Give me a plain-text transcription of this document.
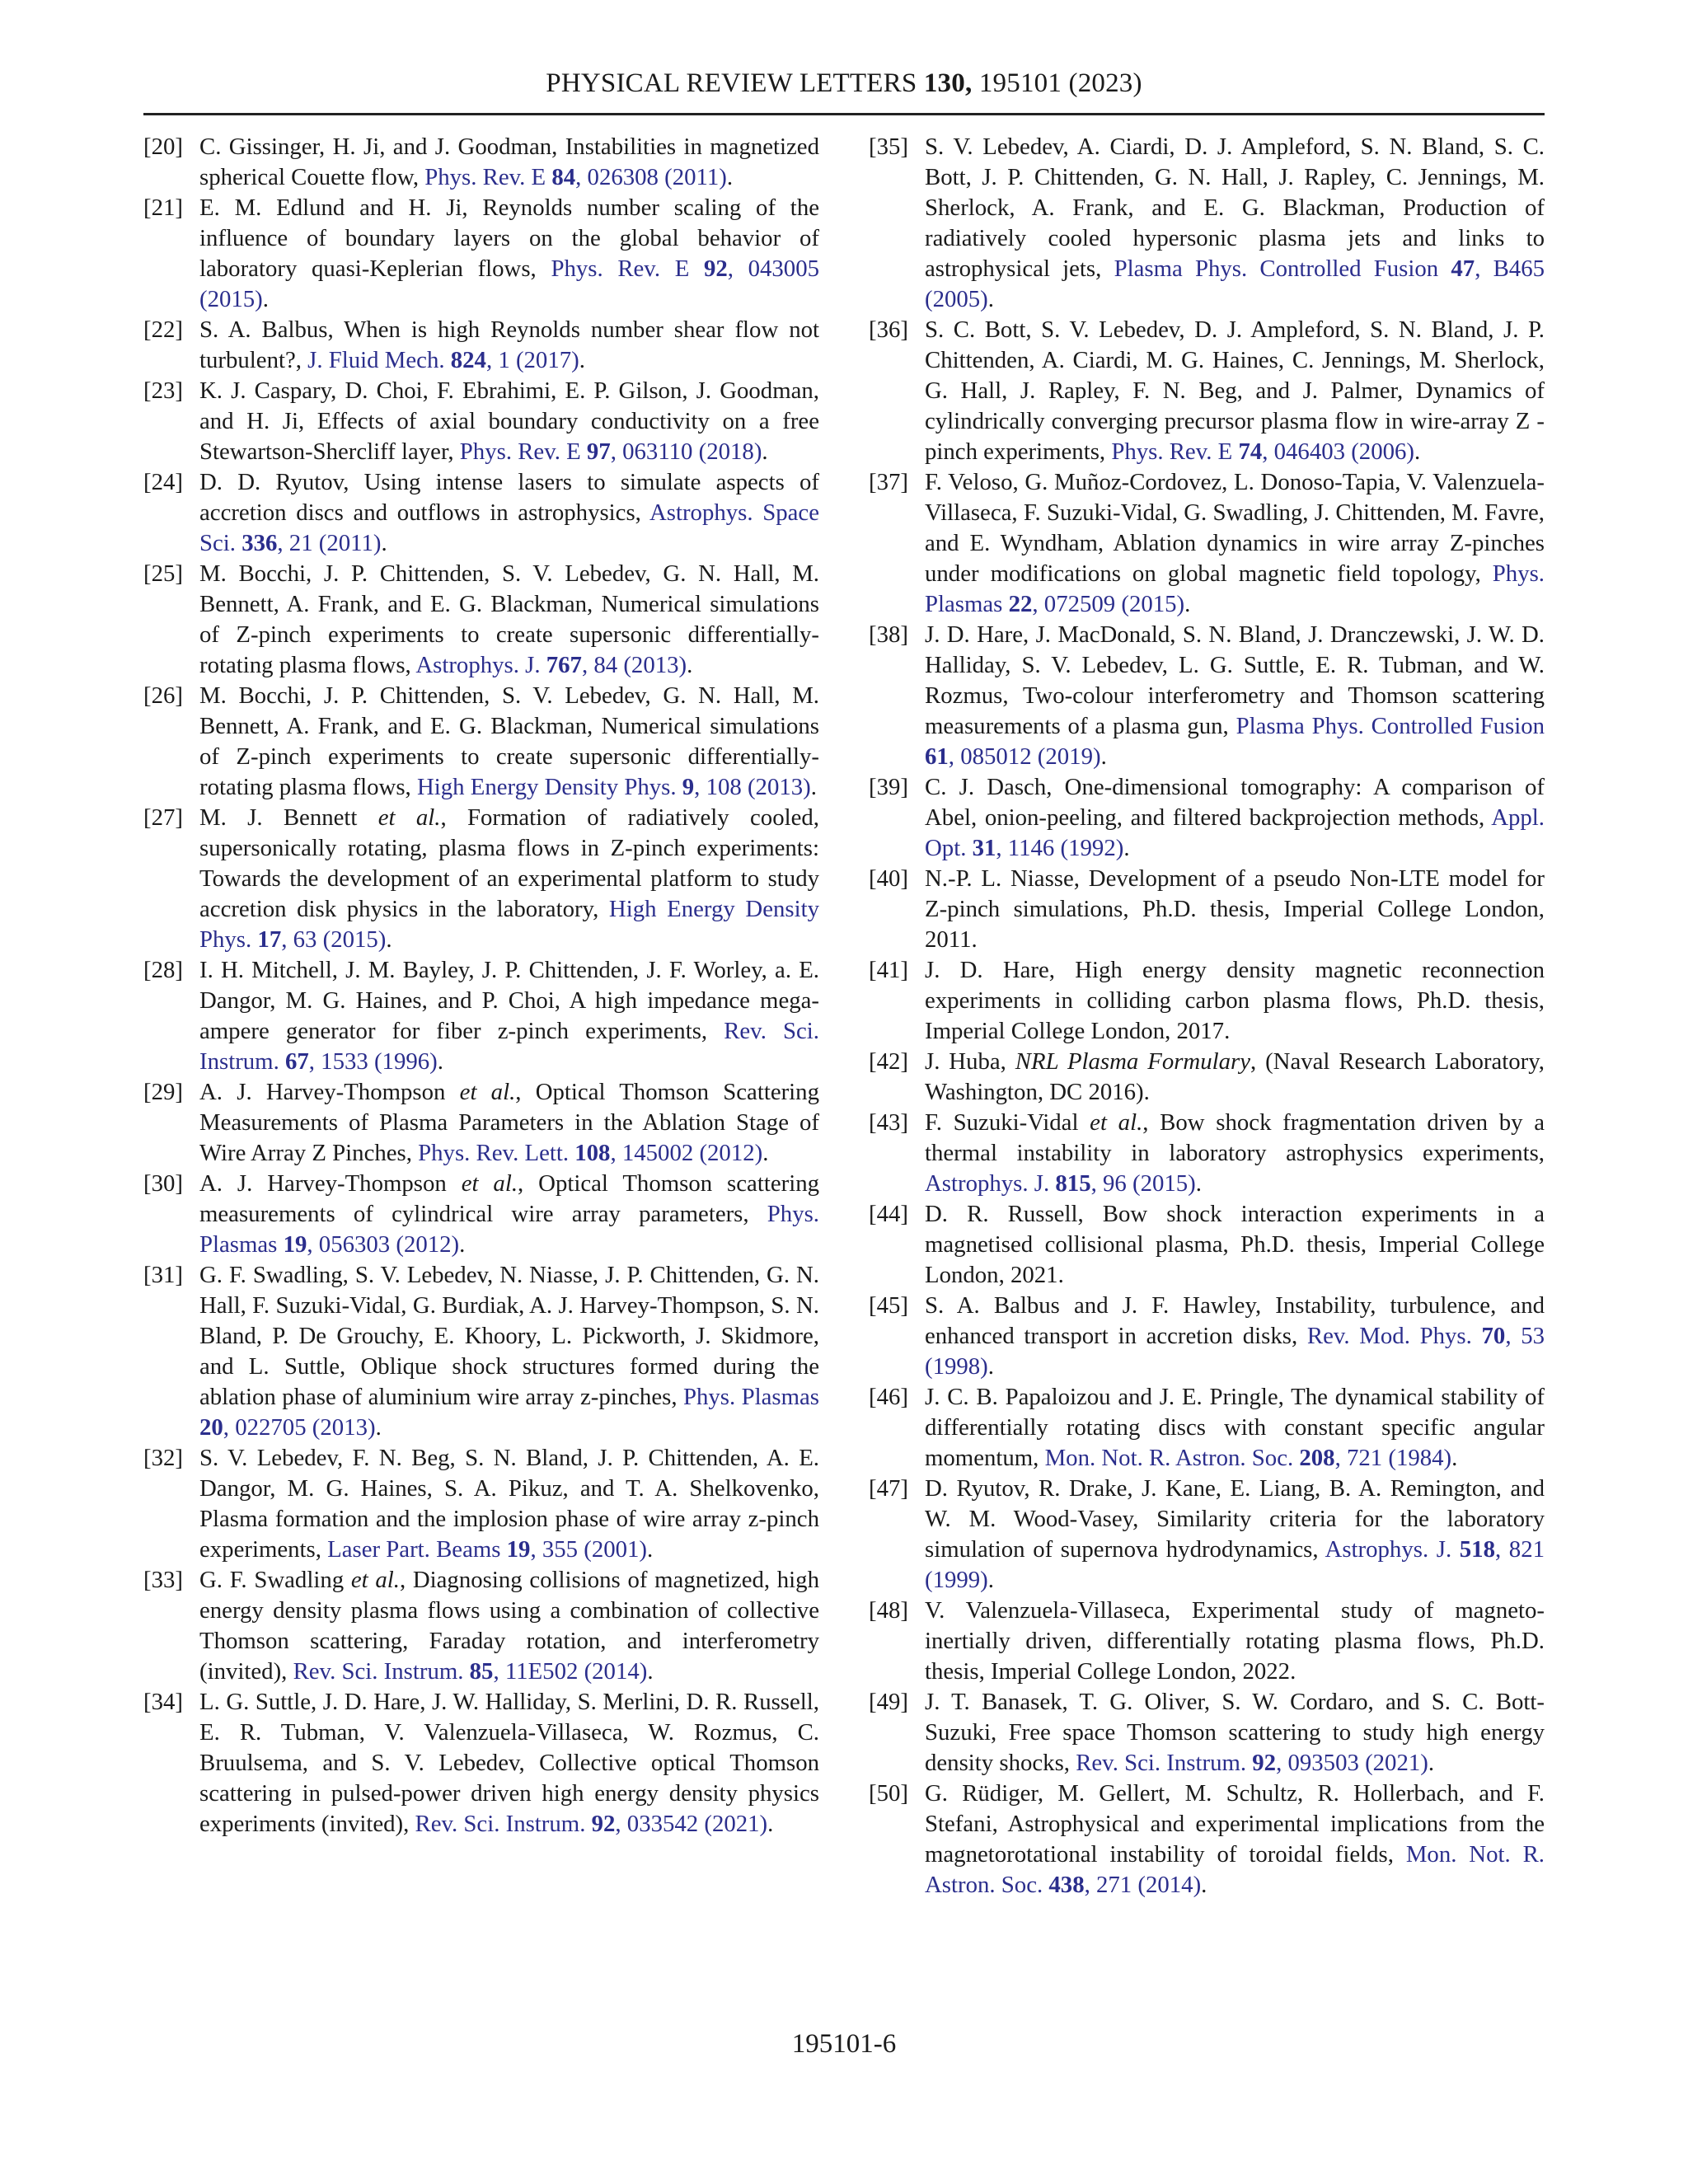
PHYSICAL REVIEW LETTERS 130, 195101 (2023)
[20] C. Gissinger, H. Ji, and J. Goodman, Instabilities in magnetized spherical Couette flow, Phys. Rev. E 84, 026308 (2011).
[21] E. M. Edlund and H. Ji, Reynolds number scaling of the influence of boundary layers on the global behavior of laboratory quasi-Keplerian flows, Phys. Rev. E 92, 043005 (2015).
[22] S. A. Balbus, When is high Reynolds number shear flow not turbulent?, J. Fluid Mech. 824, 1 (2017).
[23] K. J. Caspary, D. Choi, F. Ebrahimi, E. P. Gilson, J. Goodman, and H. Ji, Effects of axial boundary conductivity on a free Stewartson-Shercliff layer, Phys. Rev. E 97, 063110 (2018).
[24] D. D. Ryutov, Using intense lasers to simulate aspects of accretion discs and outflows in astrophysics, Astrophys. Space Sci. 336, 21 (2011).
[25] M. Bocchi, J. P. Chittenden, S. V. Lebedev, G. N. Hall, M. Bennett, A. Frank, and E. G. Blackman, Numerical simulations of Z-pinch experiments to create supersonic differentially-rotating plasma flows, Astrophys. J. 767, 84 (2013).
[26] M. Bocchi, J. P. Chittenden, S. V. Lebedev, G. N. Hall, M. Bennett, A. Frank, and E. G. Blackman, Numerical simulations of Z-pinch experiments to create supersonic differentially-rotating plasma flows, High Energy Density Phys. 9, 108 (2013).
[27] M. J. Bennett et al., Formation of radiatively cooled, supersonically rotating, plasma flows in Z-pinch experiments: Towards the development of an experimental platform to study accretion disk physics in the laboratory, High Energy Density Phys. 17, 63 (2015).
[28] I. H. Mitchell, J. M. Bayley, J. P. Chittenden, J. F. Worley, a. E. Dangor, M. G. Haines, and P. Choi, A high impedance mega-ampere generator for fiber z-pinch experiments, Rev. Sci. Instrum. 67, 1533 (1996).
[29] A. J. Harvey-Thompson et al., Optical Thomson Scattering Measurements of Plasma Parameters in the Ablation Stage of Wire Array Z Pinches, Phys. Rev. Lett. 108, 145002 (2012).
[30] A. J. Harvey-Thompson et al., Optical Thomson scattering measurements of cylindrical wire array parameters, Phys. Plasmas 19, 056303 (2012).
[31] G. F. Swadling, S. V. Lebedev, N. Niasse, J. P. Chittenden, G. N. Hall, F. Suzuki-Vidal, G. Burdiak, A. J. Harvey-Thompson, S. N. Bland, P. De Grouchy, E. Khoory, L. Pickworth, J. Skidmore, and L. Suttle, Oblique shock structures formed during the ablation phase of aluminium wire array z-pinches, Phys. Plasmas 20, 022705 (2013).
[32] S. V. Lebedev, F. N. Beg, S. N. Bland, J. P. Chittenden, A. E. Dangor, M. G. Haines, S. A. Pikuz, and T. A. Shelkovenko, Plasma formation and the implosion phase of wire array z-pinch experiments, Laser Part. Beams 19, 355 (2001).
[33] G. F. Swadling et al., Diagnosing collisions of magnetized, high energy density plasma flows using a combination of collective Thomson scattering, Faraday rotation, and interferometry (invited), Rev. Sci. Instrum. 85, 11E502 (2014).
[34] L. G. Suttle, J. D. Hare, J. W. Halliday, S. Merlini, D. R. Russell, E. R. Tubman, V. Valenzuela-Villaseca, W. Rozmus, C. Bruulsema, and S. V. Lebedev, Collective optical Thomson scattering in pulsed-power driven high energy density physics experiments (invited), Rev. Sci. Instrum. 92, 033542 (2021).
[35] S. V. Lebedev, A. Ciardi, D. J. Ampleford, S. N. Bland, S. C. Bott, J. P. Chittenden, G. N. Hall, J. Rapley, C. Jennings, M. Sherlock, A. Frank, and E. G. Blackman, Production of radiatively cooled hypersonic plasma jets and links to astrophysical jets, Plasma Phys. Controlled Fusion 47, B465 (2005).
[36] S. C. Bott, S. V. Lebedev, D. J. Ampleford, S. N. Bland, J. P. Chittenden, A. Ciardi, M. G. Haines, C. Jennings, M. Sherlock, G. Hall, J. Rapley, F. N. Beg, and J. Palmer, Dynamics of cylindrically converging precursor plasma flow in wire-array Z -pinch experiments, Phys. Rev. E 74, 046403 (2006).
[37] F. Veloso, G. Muñoz-Cordovez, L. Donoso-Tapia, V. Valenzuela-Villaseca, F. Suzuki-Vidal, G. Swadling, J. Chittenden, M. Favre, and E. Wyndham, Ablation dynamics in wire array Z-pinches under modifications on global magnetic field topology, Phys. Plasmas 22, 072509 (2015).
[38] J. D. Hare, J. MacDonald, S. N. Bland, J. Dranczewski, J. W. D. Halliday, S. V. Lebedev, L. G. Suttle, E. R. Tubman, and W. Rozmus, Two-colour interferometry and Thomson scattering measurements of a plasma gun, Plasma Phys. Controlled Fusion 61, 085012 (2019).
[39] C. J. Dasch, One-dimensional tomography: A comparison of Abel, onion-peeling, and filtered backprojection methods, Appl. Opt. 31, 1146 (1992).
[40] N.-P. L. Niasse, Development of a pseudo Non-LTE model for Z-pinch simulations, Ph.D. thesis, Imperial College London, 2011.
[41] J. D. Hare, High energy density magnetic reconnection experiments in colliding carbon plasma flows, Ph.D. thesis, Imperial College London, 2017.
[42] J. Huba, NRL Plasma Formulary, (Naval Research Laboratory, Washington, DC 2016).
[43] F. Suzuki-Vidal et al., Bow shock fragmentation driven by a thermal instability in laboratory astrophysics experiments, Astrophys. J. 815, 96 (2015).
[44] D. R. Russell, Bow shock interaction experiments in a magnetised collisional plasma, Ph.D. thesis, Imperial College London, 2021.
[45] S. A. Balbus and J. F. Hawley, Instability, turbulence, and enhanced transport in accretion disks, Rev. Mod. Phys. 70, 53 (1998).
[46] J. C. B. Papaloizou and J. E. Pringle, The dynamical stability of differentially rotating discs with constant specific angular momentum, Mon. Not. R. Astron. Soc. 208, 721 (1984).
[47] D. Ryutov, R. Drake, J. Kane, E. Liang, B. A. Remington, and W. M. Wood-Vasey, Similarity criteria for the laboratory simulation of supernova hydrodynamics, Astrophys. J. 518, 821 (1999).
[48] V. Valenzuela-Villaseca, Experimental study of magneto-inertially driven, differentially rotating plasma flows, Ph.D. thesis, Imperial College London, 2022.
[49] J. T. Banasek, T. G. Oliver, S. W. Cordaro, and S. C. Bott-Suzuki, Free space Thomson scattering to study high energy density shocks, Rev. Sci. Instrum. 92, 093503 (2021).
[50] G. Rüdiger, M. Gellert, M. Schultz, R. Hollerbach, and F. Stefani, Astrophysical and experimental implications from the magnetorotational instability of toroidal fields, Mon. Not. R. Astron. Soc. 438, 271 (2014).
195101-6
